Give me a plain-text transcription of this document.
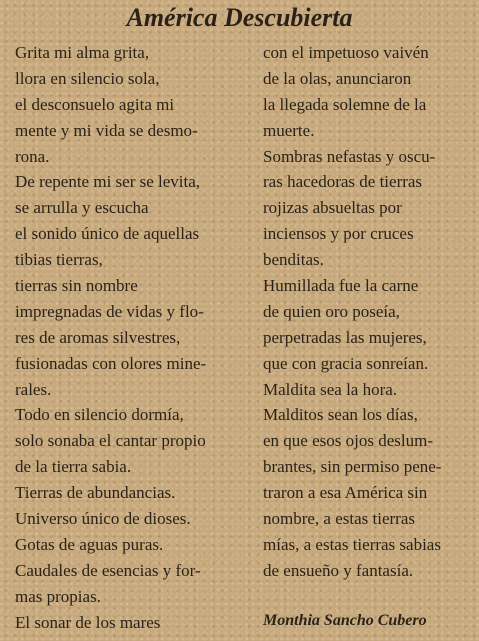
América Descubierta
Grita mi alma grita,
llora en silencio sola,
el desconsuelo agita mi
mente y mi vida se desmo-
rona.
De repente mi ser se levita,
se arrulla y escucha
el sonido único de aquellas
tibias tierras,
tierras sin nombre
impregnadas de vidas y flo-
res de aromas silvestres,
fusionadas con olores mine-
rales.
Todo en silencio dormía,
solo sonaba el cantar propio
de la tierra sabia.
Tierras de abundancias.
Universo único de dioses.
Gotas de aguas puras.
Caudales de esencias y for-
mas propias.
El sonar de los mares
con el impetuoso vaivén
de la olas, anunciaron
la llegada solemne de la
muerte.
Sombras nefastas y oscu-
ras hacedoras de tierras
rojizas absueltas por
inciensos y por cruces
benditas.
Humillada fue la carne
de quien oro poseía,
perpetradas las mujeres,
que con gracia sonreían.
Maldita sea la hora.
Malditos sean los días,
en que esos ojos deslum-
brantes, sin permiso pene-
traron a esa América sin
nombre, a estas tierras
mías, a estas tierras sabias
de ensueño y fantasía.
Monthia Sancho Cubero
